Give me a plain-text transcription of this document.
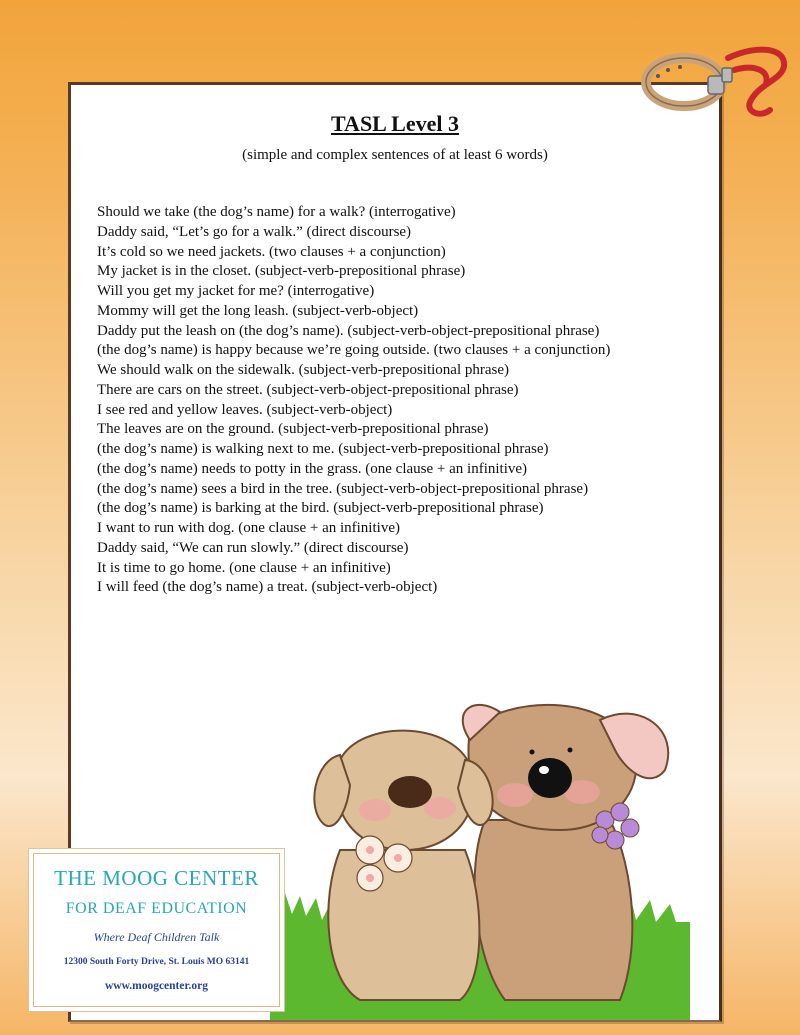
TASL Level 3

(simple and complex sentences of at least 6 words)

Should we take (the dog’s name) for a walk? (interrogative)
Daddy said, “Let’s go for a walk.” (direct discourse)
It’s cold so we need jackets. (two clauses + a conjunction)
My jacket is in the closet. (subject-verb-prepositional phrase)
Will you get my jacket for me? (interrogative)
Mommy will get the long leash. (subject-verb-object)
Daddy put the leash on (the dog’s name). (subject-verb-object-prepositional phrase)
(the dog’s name) is happy because we’re going outside. (two clauses + a conjunction)
We should walk on the sidewalk. (subject-verb-prepositional phrase)
There are cars on the street. (subject-verb-object-prepositional phrase)
I see red and yellow leaves. (subject-verb-object)
The leaves are on the ground. (subject-verb-prepositional phrase)
(the dog’s name) is walking next to me. (subject-verb-prepositional phrase)
(the dog’s name) needs to potty in the grass. (one clause + an infinitive)
(the dog’s name) sees a bird in the tree. (subject-verb-object-prepositional phrase)
(the dog’s name) is barking at the bird. (subject-verb-prepositional phrase)
I want to run with dog. (one clause + an infinitive)
Daddy said, “We can run slowly.” (direct discourse)
It is time to go home. (one clause + an infinitive)
I will feed (the dog’s name) a treat. (subject-verb-object)
THE MOOG CENTER
FOR DEAF EDUCATION
Where Deaf Children Talk
12300 South Forty Drive, St. Louis MO 63141
www.moogcenter.org
